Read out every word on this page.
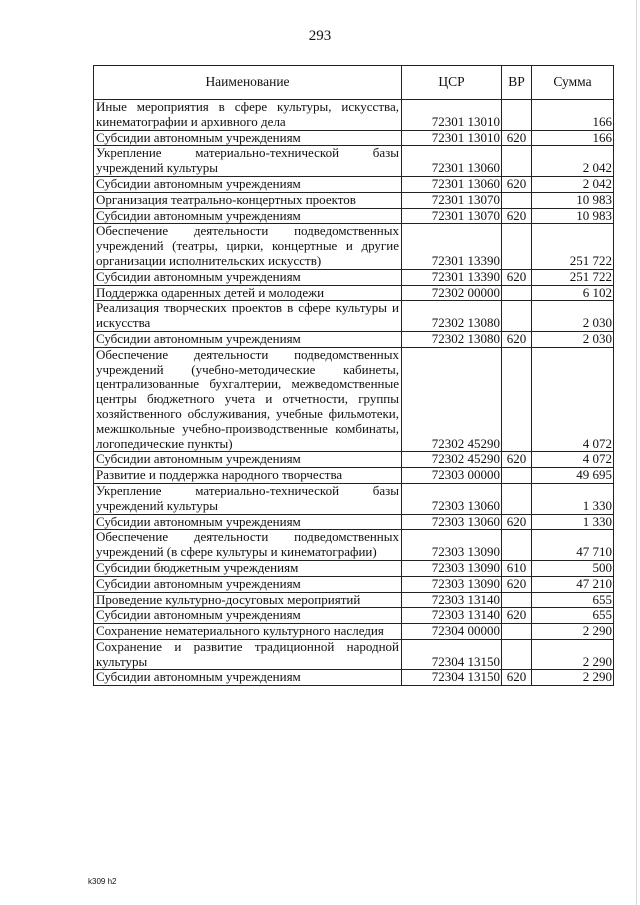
293
Наименование	ЦСР	ВР	Сумма
Иные мероприятия в сфере культуры, искусства, кинематографии и архивного дела	72301 13010		166
Субсидии автономным учреждениям	72301 13010	620	166
Укрепление материально-технической базы учреждений культуры	72301 13060		2 042
Субсидии автономным учреждениям	72301 13060	620	2 042
Организация театрально-концертных проектов	72301 13070		10 983
Субсидии автономным учреждениям	72301 13070	620	10 983
Обеспечение деятельности подведомственных учреждений (театры, цирки, концертные и другие организации исполнительских искусств)	72301 13390		251 722
Субсидии автономным учреждениям	72301 13390	620	251 722
Поддержка одаренных детей и молодежи	72302 00000		6 102
Реализация творческих проектов в сфере культуры и искусства	72302 13080		2 030
Субсидии автономным учреждениям	72302 13080	620	2 030
Обеспечение деятельности подведомственных учреждений (учебно-методические кабинеты, централизованные бухгалтерии, межведомственные центры бюджетного учета и отчетности, группы хозяйственного обслуживания, учебные фильмотеки, межшкольные учебно-производственные комбинаты, логопедические пункты)	72302 45290		4 072
Субсидии автономным учреждениям	72302 45290	620	4 072
Развитие и поддержка народного творчества	72303 00000		49 695
Укрепление материально-технической базы учреждений культуры	72303 13060		1 330
Субсидии автономным учреждениям	72303 13060	620	1 330
Обеспечение деятельности подведомственных учреждений (в сфере культуры и кинематографии)	72303 13090		47 710
Субсидии бюджетным учреждениям	72303 13090	610	500
Субсидии автономным учреждениям	72303 13090	620	47 210
Проведение культурно-досуговых мероприятий	72303 13140		655
Субсидии автономным учреждениям	72303 13140	620	655
Сохранение нематериального культурного наследия	72304 00000		2 290
Сохранение и развитие традиционной народной культуры	72304 13150		2 290
Субсидии автономным учреждениям	72304 13150	620	2 290
k309 h2
